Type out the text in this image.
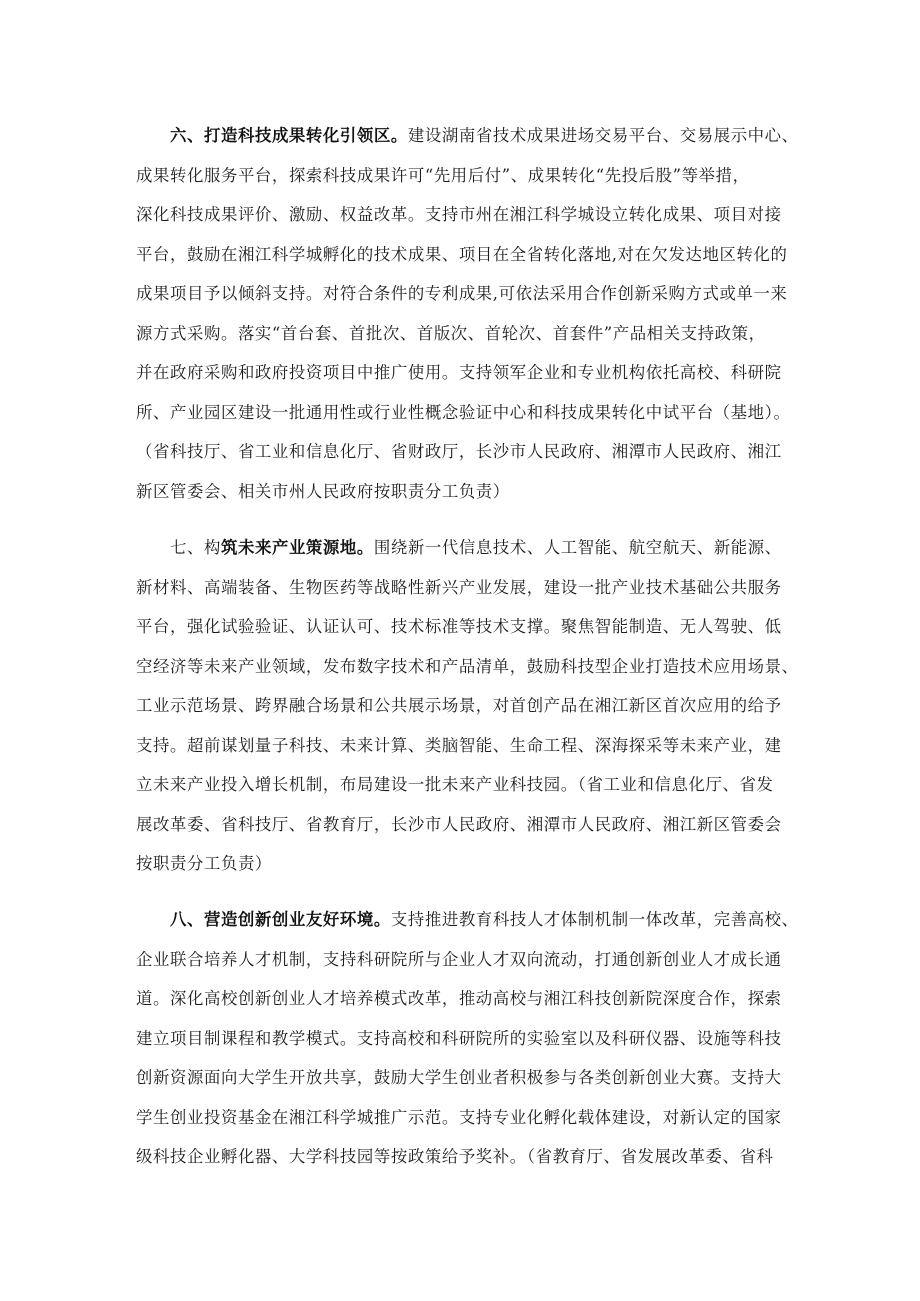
六、打造科技成果转化引领区。建设湖南省技术成果进场交易平台、交易展示中心、
成果转化服务平台，探索科技成果许可“先用后付”、成果转化“先投后股”等举措，
深化科技成果评价、激励、权益改革。支持市州在湘江科学城设立转化成果、项目对接
平台，鼓励在湘江科学城孵化的技术成果、项目在全省转化落地,对在欠发达地区转化的
成果项目予以倾斜支持。对符合条件的专利成果,可依法采用合作创新采购方式或单一来
源方式采购。落实“首台套、首批次、首版次、首轮次、首套件”产品相关支持政策，
并在政府采购和政府投资项目中推广使用。支持领军企业和专业机构依托高校、科研院
所、产业园区建设一批通用性或行业性概念验证中心和科技成果转化中试平台（基地）。
（省科技厅、省工业和信息化厅、省财政厅，长沙市人民政府、湘潭市人民政府、湘江
新区管委会、相关市州人民政府按职责分工负责）
七、构筑未来产业策源地。围绕新一代信息技术、人工智能、航空航天、新能源、
新材料、高端装备、生物医药等战略性新兴产业发展，建设一批产业技术基础公共服务
平台，强化试验验证、认证认可、技术标准等技术支撑。聚焦智能制造、无人驾驶、低
空经济等未来产业领域，发布数字技术和产品清单，鼓励科技型企业打造技术应用场景、
工业示范场景、跨界融合场景和公共展示场景，对首创产品在湘江新区首次应用的给予
支持。超前谋划量子科技、未来计算、类脑智能、生命工程、深海探采等未来产业，建
立未来产业投入增长机制，布局建设一批未来产业科技园。（省工业和信息化厅、省发
展改革委、省科技厅、省教育厅，长沙市人民政府、湘潭市人民政府、湘江新区管委会
按职责分工负责）
八、营造创新创业友好环境。支持推进教育科技人才体制机制一体改革，完善高校、
企业联合培养人才机制，支持科研院所与企业人才双向流动，打通创新创业人才成长通
道。深化高校创新创业人才培养模式改革，推动高校与湘江科技创新院深度合作，探索
建立项目制课程和教学模式。支持高校和科研院所的实验室以及科研仪器、设施等科技
创新资源面向大学生开放共享，鼓励大学生创业者积极参与各类创新创业大赛。支持大
学生创业投资基金在湘江科学城推广示范。支持专业化孵化载体建设，对新认定的国家
级科技企业孵化器、大学科技园等按政策给予奖补。（省教育厅、省发展改革委、省科
